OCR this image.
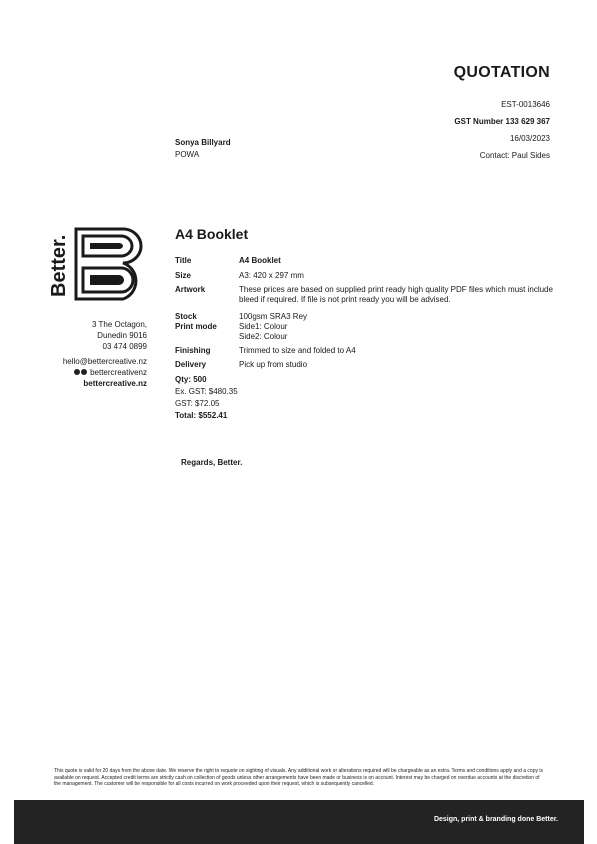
QUOTATION
EST-0013646
GST Number 133 629 367
16/03/2023
Contact: Paul Sides
Sonya Billyard
POWA
Better.
3 The Octagon,
Dunedin 9016
03 474 0899
hello@bettercreative.nz
bettercreativenz
bettercreative.nz
A4 Booklet
Title	A4 Booklet
Size	A3: 420 x 297 mm
Artwork	These prices are based on supplied print ready high quality PDF files which must include bleed if required. If file is not print ready you will be advised.
Stock	100gsm SRA3 Rey
Print mode	Side1: Colour
Side2: Colour

Finishing	Trimmed to size and folded to A4
Delivery	Pick up from studio
Qty: 500
Ex. GST: $480.35
GST: $72.05
Total: $552.41
Regards, Better.
This quote is valid for 20 days from the above date. We reserve the right to requote on sighting of visuals. Any additional work or alterations required will be chargeable as an extra. Terms and conditions apply and a copy is available on request. Accepted credit terms are strictly cash on collection of goods unless other arrangements have been made or business is on account. Interest may be charged on overdue accounts at the discretion of the management. The customer will be responsible for all costs incurred on work proceeded upon their request, which is subsequently cancelled.
Design, print & branding done Better.
